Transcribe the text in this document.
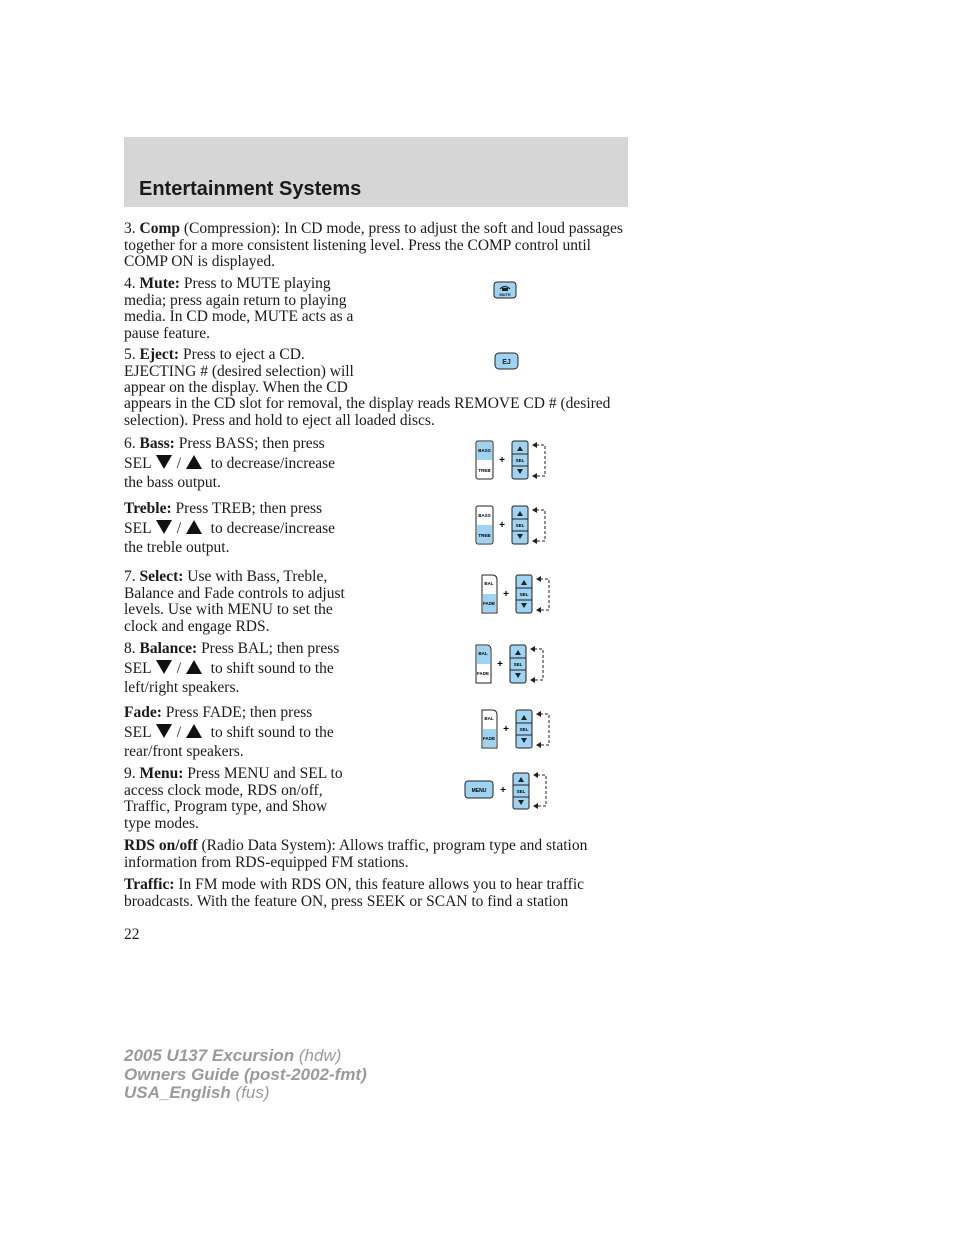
Entertainment Systems

3. Comp (Compression): In CD mode, press to adjust the soft and loud passages together for a more consistent listening level. Press the COMP control until COMP ON is displayed.

4. Mute: Press to MUTE playing
media; press again return to playing
media. In CD mode, MUTE acts as a
pause feature.
MUTE
5. Eject: Press to eject a CD.
EJECTING # (desired selection) will
appear on the display. When the CD

appears in the CD slot for removal, the display reads REMOVE CD # (desired selection). Press and hold to eject all loaded discs.

EJ
6. Bass: Press BASS; then press
SEL / to decrease/increase
the bass output.
BASS
TREB
+ SEL
Treble: Press TREB; then press
SEL / to decrease/increase
the treble output.
BASS
TREB
+ SEL
7. Select: Use with Bass, Treble,
Balance and Fade controls to adjust
levels. Use with MENU to set the
clock and engage RDS.
BAL
FADE
+ SEL
8. Balance: Press BAL; then press
SEL / to shift sound to the
left/right speakers.
BAL
FADE
+ SEL
Fade: Press FADE; then press
SEL / to shift sound to the
rear/front speakers.
BAL
FADE
+ SEL
9. Menu: Press MENU and SEL to
access clock mode, RDS on/off,
Traffic, Program type, and Show
type modes.
MENU + SEL

RDS on/off (Radio Data System): Allows traffic, program type and station information from RDS-equipped FM stations.

Traffic: In FM mode with RDS ON, this feature allows you to hear traffic broadcasts. With the feature ON, press SEEK or SCAN to find a station

22
2005 U137 Excursion (hdw)
Owners Guide (post-2002-fmt)
USA_English (fus)
